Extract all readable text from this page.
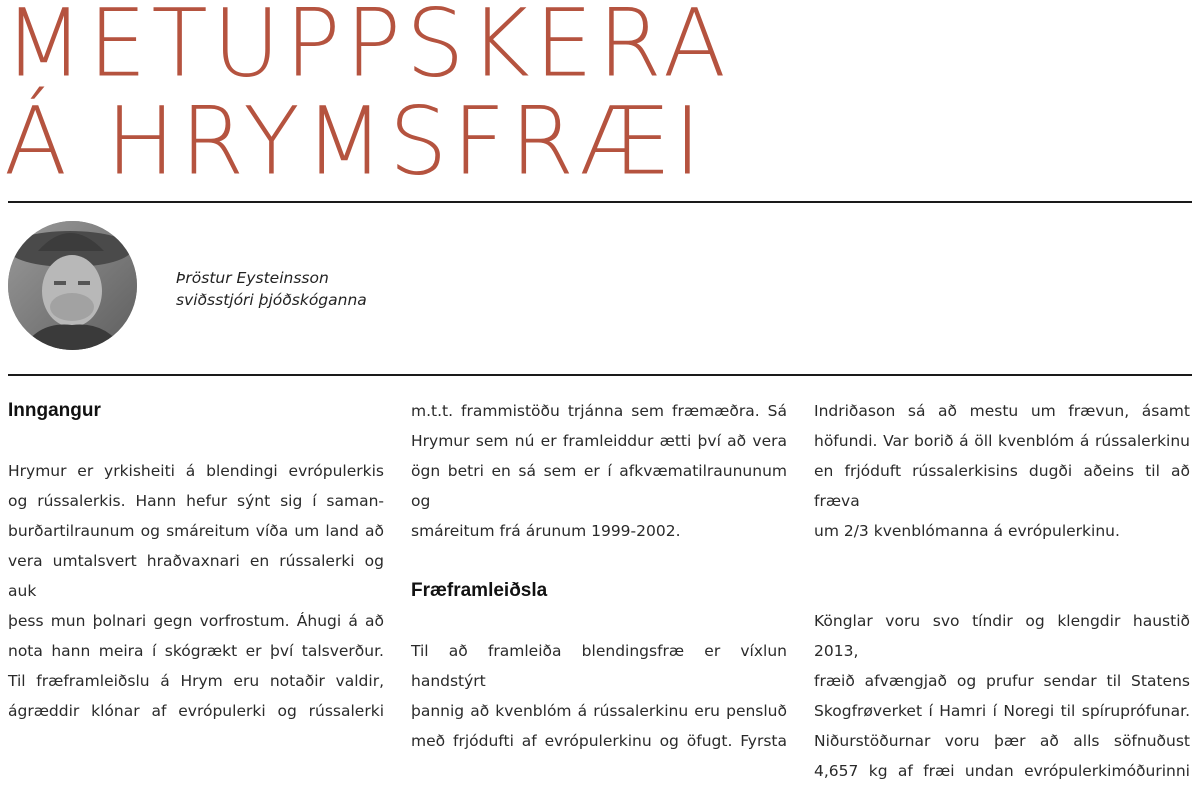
METUPPSKERA
Á HRYMSFRÆI
Þröstur Eysteinsson
sviðsstjóri þjóðskóganna
Inngangur

Hrymur er yrkisheiti á blendingi evrópulerkis

og rússalerkis. Hann hefur sýnt sig í saman-

burðartilraunum og smáreitum víða um land að

vera umtalsvert hraðvaxnari en rússalerki og auk

þess mun þolnari gegn vorfrostum. Áhugi á að

nota hann meira í skógrækt er því talsverður.

Til fræframleiðslu á Hrym eru notaðir valdir,

ágræddir klónar af evrópulerki og rússalerki

m.t.t. frammistöðu trjánna sem fræmæðra. Sá

Hrymur sem nú er framleiddur ætti því að vera

ögn betri en sá sem er í afkvæmatilraununum og

smáreitum frá árunum 1999-2002.

Fræframleiðsla

Til að framleiða blendingsfræ er víxlun handstýrt

þannig að kvenblóm á rússalerkinu eru pensluð

með frjódufti af evrópulerkinu og öfugt. Fyrsta

Indriðason sá að mestu um frævun, ásamt

höfundi. Var borið á öll kvenblóm á rússalerkinu

en frjóduft rússalerkisins dugði aðeins til að fræva

um 2/3 kvenblómanna á evrópulerkinu.

Könglar voru svo tíndir og klengdir haustið 2013,

fræið afvængjað og prufur sendar til Statens

Skogfrøverket í Hamri í Noregi til spíruprófunar.

Niðurstöðurnar voru þær að alls söfnuðust

4,657 kg af fræi undan evrópulerkimóðurinni
